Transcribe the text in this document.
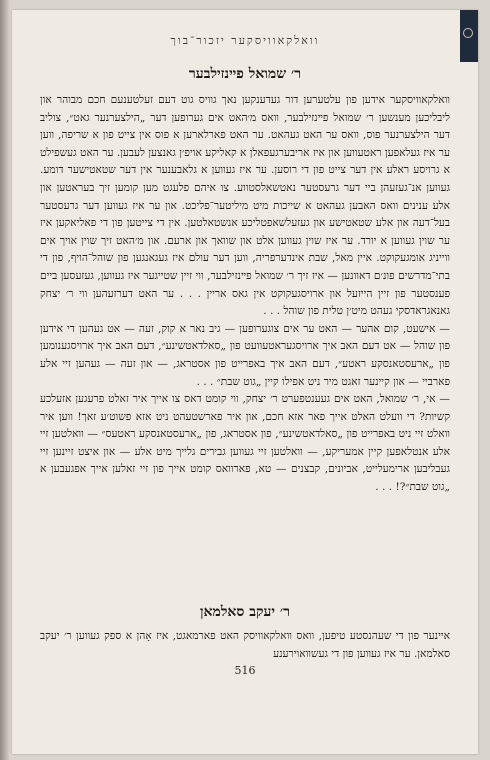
וואלקאוויסקער יזכור־בוך
ר׳ שמואל פײנזילבער

וואלקאוויסקער אידען פון עלטערען דור געדענקען נאך גוויס גוט דעם זעלטענעם חכם מבוהר און ליבליכען מענשען ר׳ שמואל פײנזילבער, וואס מ׳האט אים גערופען דער „הילצערנער גאט״, צוליב דער הילצערנער פוס, וואס ער האט געהאט. ער האט פארלארען א פוס אין צייט פון א שריפה, ווען ער איז געלאפען ראטעווען און איז אריבערגעפאלן א קאליקע אויפ׳ן גאנצען לעבען. ער האט געשפילט א גרויסע ראלע אין דער צייט פון די רוסען. ער איז געווען א גלאבענער אין דער שטאטישער דומע. געווען אנ־געזעהן ביי דער גרעסטער נאטשאלסטווע. צו איהם פלעגט מען קומען זיך בעראטען און אלע ענינים וואס האבען געהאט א שייכות מיט מיליטער־פליכט. און ער איז געווען דער גרעסטער בעל־דעה און אלע שטאטישע און געזעלשאפטליכע אנשטאלטען. אין די צייטען פון די פאליאקען איז ער שוין געווען א יורד. ער איז שוין געווען אלט און שוואך און ארעם. און מ׳האט זיך שוין אויך אים ווייניג אומגעקוקט. איין מאל, שבת אינדערפריה, ווען דער עולם איז געגאנגען פון שוהל־הויף, פון די בתי־מדרשים פונ׳ם דאוונען — איז זיך ר׳ שמואל פײנזילבער, ווי זיין שטייגער איז געווען, געזעסען ביים פענסטער פון זיין הייזעל און ארויסגעקוקט אין גאס אריין . . . ער האט דערזעהען ווי ר׳ יצחק גאנאגראדסקי געהט מיט׳ן טלית פון שוהל . . .

— אישעט, קום אהער — האט ער אים צוגערופען — גיב נאר א קוק, זעה — אט געהען די אידען פון שוהל — אט דעם האב איך ארויסגעראטעוועט פון „סאלדאטשינע״, דעם האב איך ארויסגענומען פון „ארעסטאנסקע ראטע״, דעם האב איך באפרייט פון אסטראג, — און זעה — געהען זיי אלע פארביי — און קיינער זאגט מיר ניט אפילו קיין „גוט שבת״ . . .

— אי, ר׳ שמואל, האט אים געענטפערט ר׳ יצחק, ווי קומט דאס צו אייך איר זאלט פרעגען אזעלכע קשיות? די וועלט האלט אייך פאר אזא חכם, און איר פארשטעהט ניט אזא פשוט׳ע זאך! ווען איר וואלט זיי ניט באפרייט פון „סאלדאטשינע״, פון אסטראג, פון „ארעסטאנסקע ראטעס״ — וואלטען זיי אלע אנטלאפען קיין אמעריקע, — וואלטען זיי געווען גבירים גלייך מיט אלע — און איצט זיינען זיי געבליבען ארימעלייט, אביונים, קבצנים — טא, פארוואס קומט אייך פון זיי זאלען אייך אפגעבען א „גוט שבת״?! . . .

ר׳ יעקב סאלמאן

איינער פון די שעהנסטע טיפען, וואס וואלקאוויסק האט פארמאגט, איז אָהן א ספק געווען ר׳ יעקב סאלמאן. ער איז געווען פון די געשוואוירענע

516
